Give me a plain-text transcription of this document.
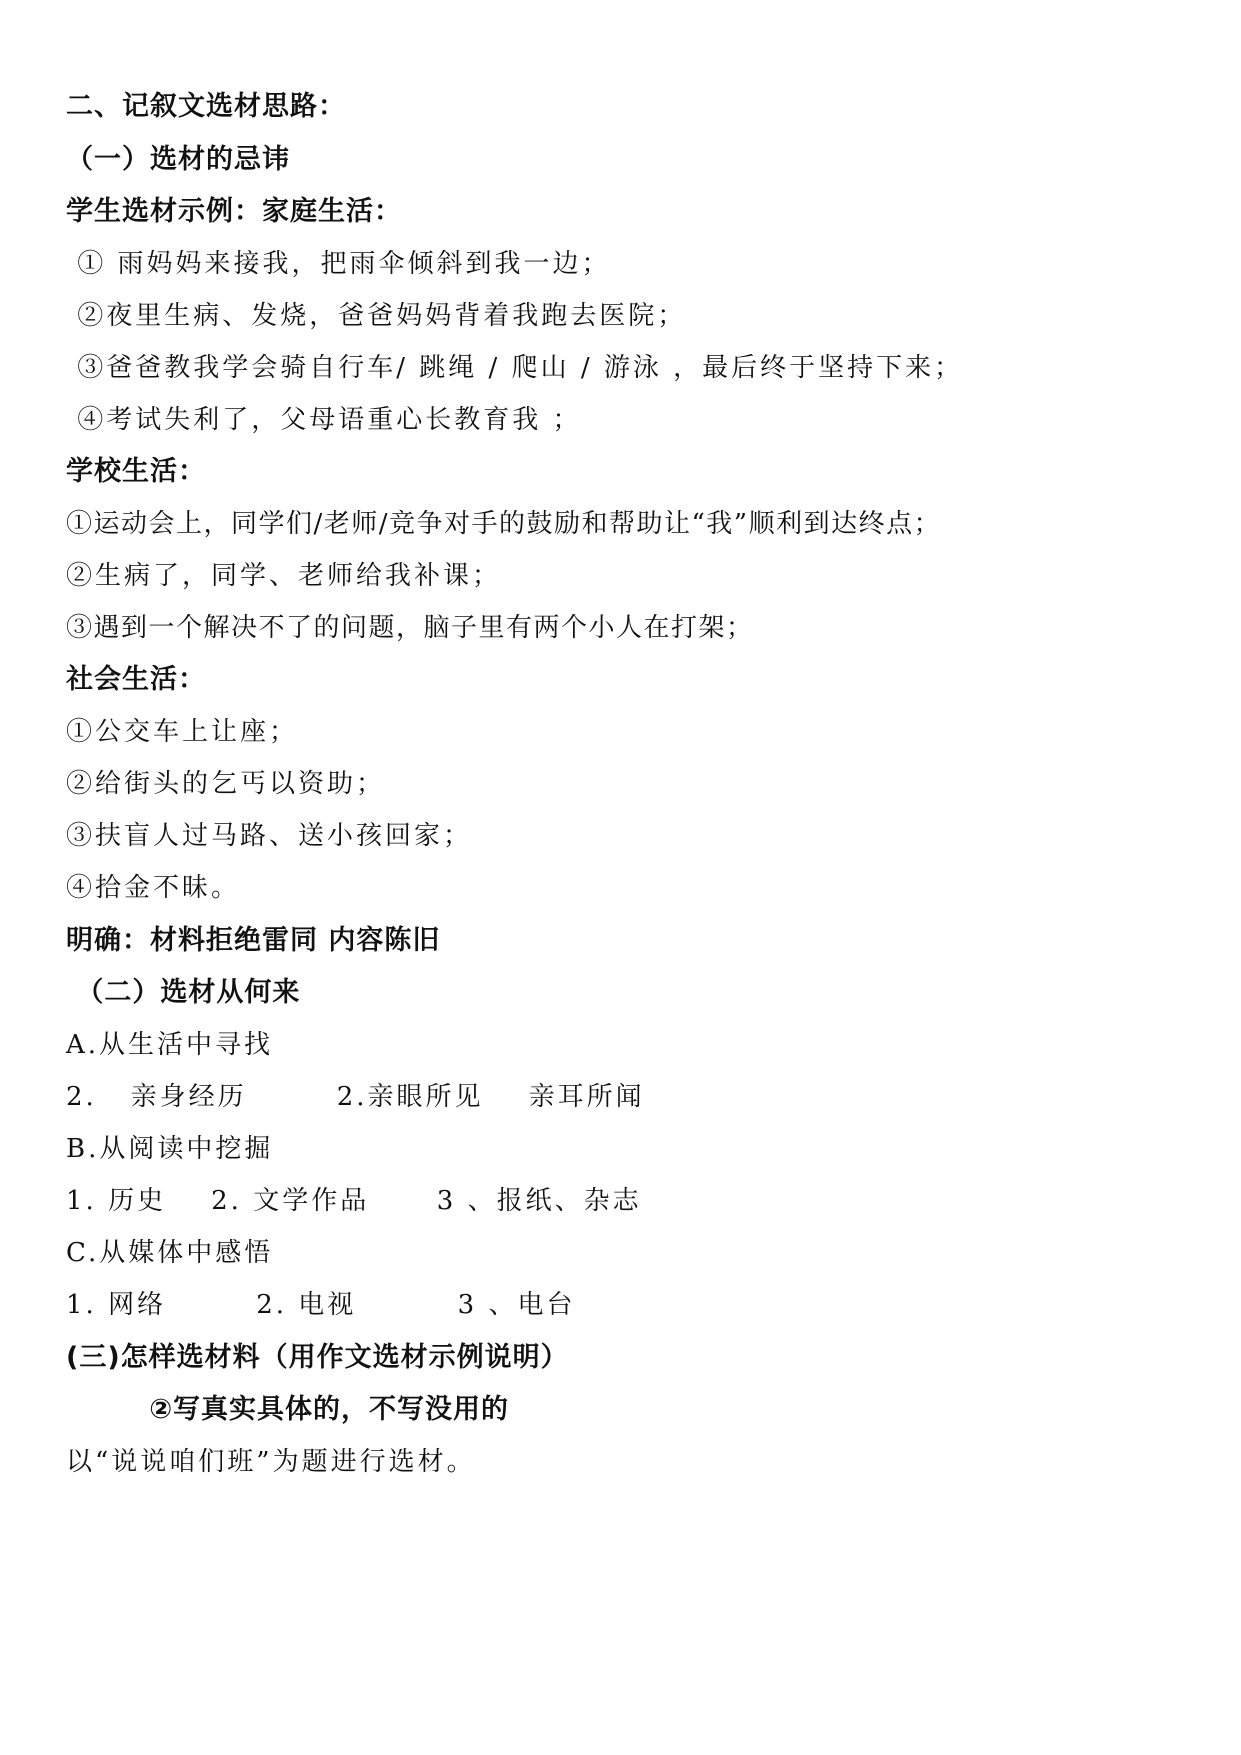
二、记叙文选材思路：
（一）选材的忌讳
学生选材示例：家庭生活：
① 雨妈妈来接我，把雨伞倾斜到我一边；
②夜里生病、发烧，爸爸妈妈背着我跑去医院；
③爸爸教我学会骑自行车/ 跳绳 / 爬山 / 游泳 ，最后终于坚持下来；
④考试失利了，父母语重心长教育我 ；
学校生活：
①运动会上，同学们/老师/竞争对手的鼓励和帮助让“我”顺利到达终点；
②生病了，同学、老师给我补课；
③遇到一个解决不了的问题，脑子里有两个小人在打架；
社会生活：
①公交车上让座；
②给街头的乞丐以资助；
③扶盲人过马路、送小孩回家；
④拾金不昧。
明确：材料拒绝雷同 内容陈旧
（二）选材从何来
A.从生活中寻找
2.   亲身经历        2.亲眼所见    亲耳所闻
B.从阅读中挖掘
1. 历史    2. 文学作品      3 、报纸、杂志
C.从媒体中感悟
1. 网络        2. 电视         3 、电台
(三)怎样选材料（用作文选材示例说明）
②写真实具体的，不写没用的
以“说说咱们班”为题进行选材。
